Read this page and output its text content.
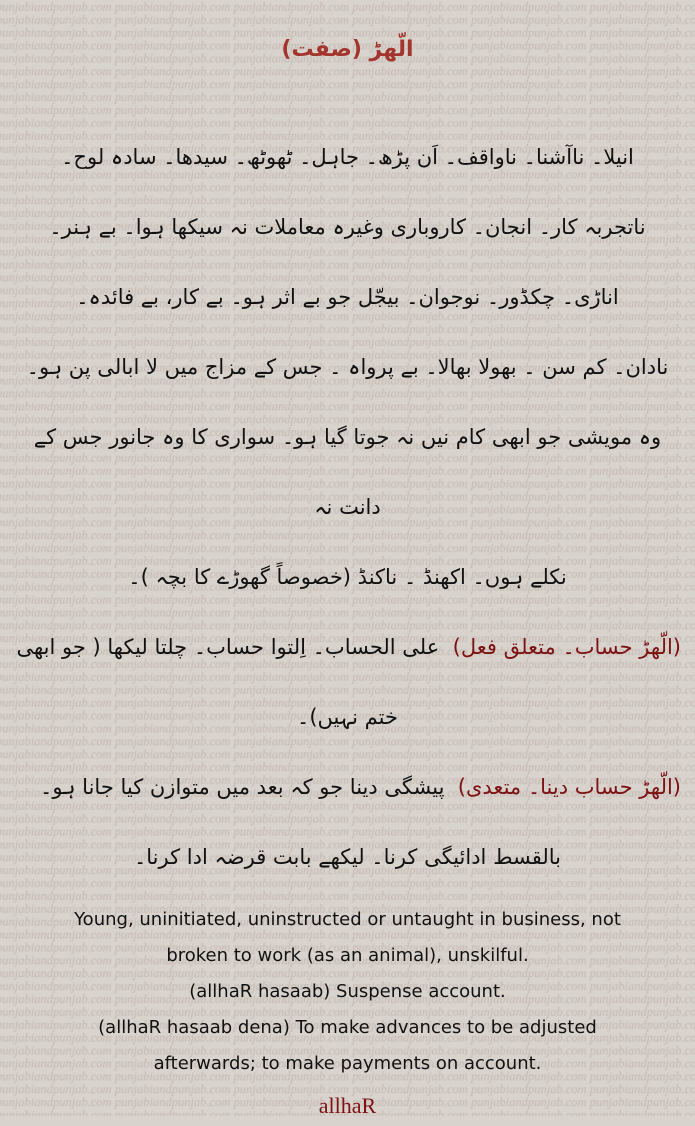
الّھڑ (صفت)
انیلا۔ ناآشنا۔ ناواقف۔ اَن پڑھ۔ جاہل۔ ٹھوٹھ۔ سیدھا۔ سادہ لوح۔
ناتجربہ کار۔ انجان۔ کاروباری وغیرہ معاملات نہ سیکھا ہوا۔ بے ہنر۔
اناڑی۔ چکڈور۔ نوجوان۔ بیجّل جو بے اثر ہو۔ بے کار، بے فائدہ۔
نادان۔ کم سن ۔ بھولا بھالا۔ بے پرواہ ۔ جس کے مزاج میں لا ابالی پن ہو۔
وہ مویشی جو ابھی کام نیں نہ جوتا گیا ہو۔ سواری کا وہ جانور جس کے دانت نہ
نکلے ہوں۔ اکھنڈ ۔ ناکنڈ (خصوصاً گھوڑے کا بچہ )۔
(الّھڑ حساب۔ متعلق فعل)  علی الحساب۔ اِلتوا حساب۔ چلتا لیکھا ( جو ابھی
ختم نہیں)۔
(الّھڑ حساب دینا۔ متعدی)  پیشگی دینا جو کہ بعد میں متوازن کیا جانا ہو۔
بالقسط ادائیگی کرنا۔ لیکھے بابت قرضہ ادا کرنا۔
Young, uninitiated, uninstructed or untaught in business, not
broken to work (as an animal), unskilful.
(allhaR hasaab) Suspense account.
(allhaR hasaab dena) To make advances to be adjusted
afterwards; to make payments on account.
allhaR
